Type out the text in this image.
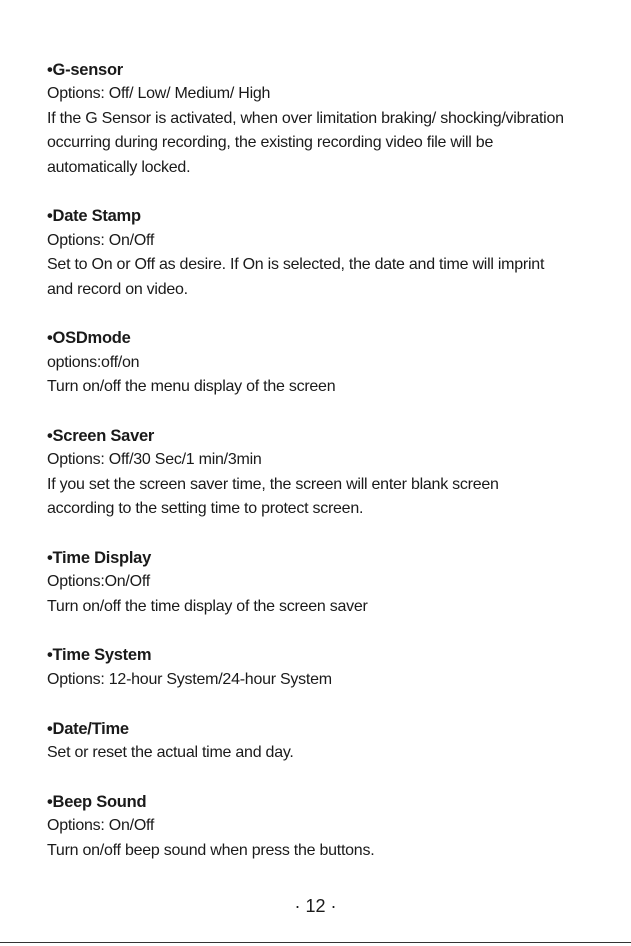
•G-sensor
Options: Off/ Low/ Medium/ High
If the G Sensor is activated, when over limitation braking/ shocking/vibration
occurring during recording, the existing recording video file will be
automatically locked.
•Date Stamp
Options: On/Off
Set to On or Off as desire. If On is selected, the date and time will imprint
and record on video.
•OSDmode
options:off/on
Turn on/off the menu display of the screen
•Screen Saver
Options: Off/30 Sec/1 min/3min
If you set the screen saver time, the screen will enter blank screen
according to the setting time to protect screen.
•Time Display
Options:On/Off
Turn on/off the time display of the screen saver
•Time System
Options: 12-hour System/24-hour System
•Date/Time
Set or reset the actual time and day.
•Beep Sound
Options: On/Off
Turn on/off beep sound when press the buttons.
· 12 ·
